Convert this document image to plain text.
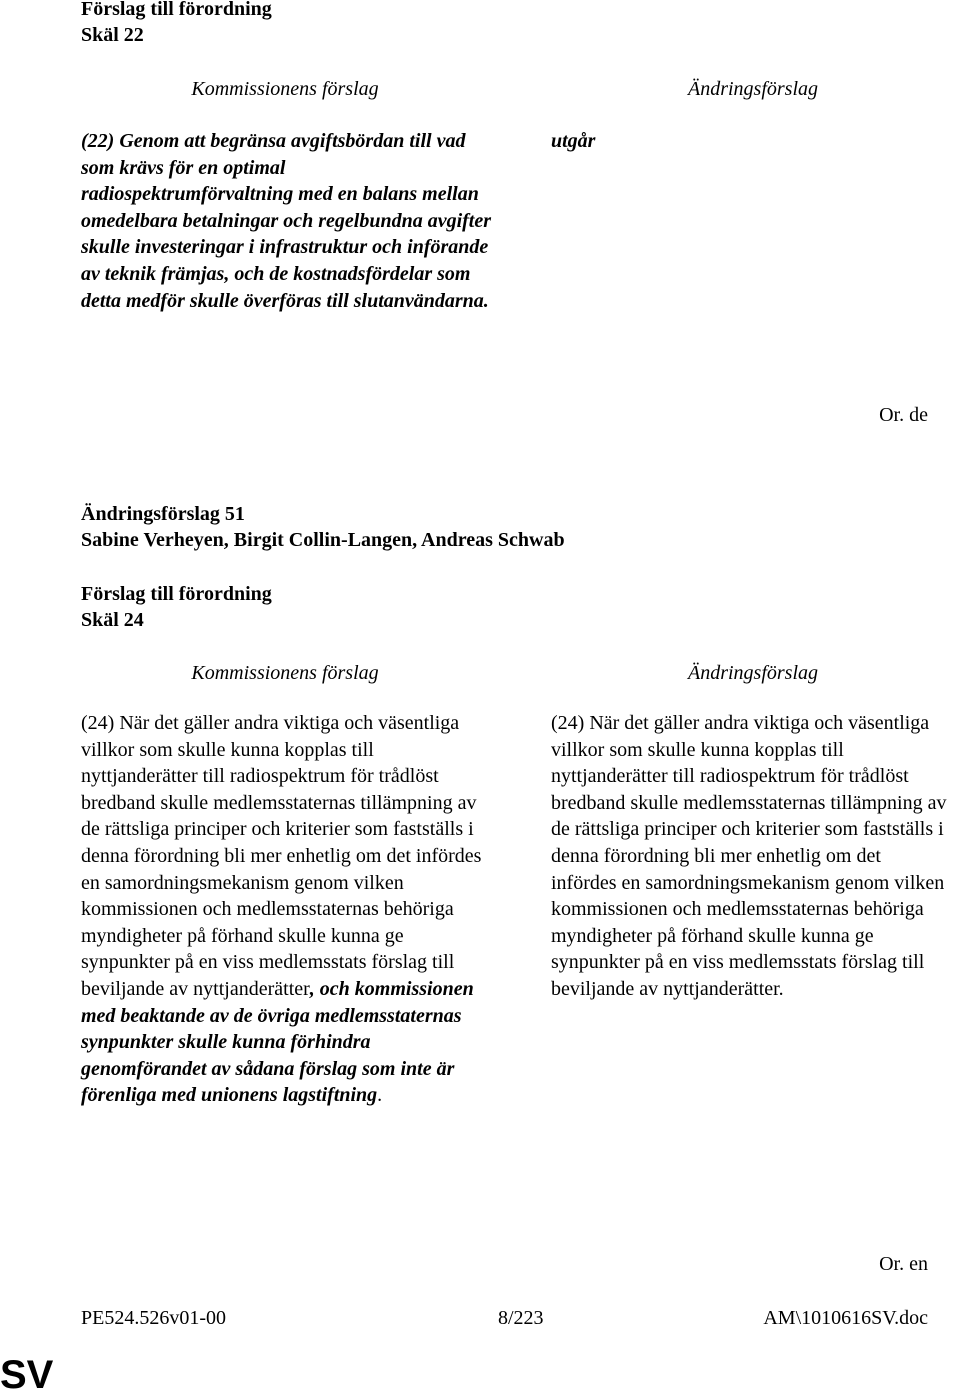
Förslag till förordning
Skäl 22
Kommissionens förslag	Ändringsförslag
(22) Genom att begränsa avgiftsbördan till vad som krävs för en optimal radiospektrumförvaltning med en balans mellan omedelbara betalningar och regelbundna avgifter skulle investeringar i infrastruktur och införande av teknik främjas, och de kostnadsfördelar som detta medför skulle överföras till slutanvändarna.
utgår
Or. de
Ändringsförslag 51
Sabine Verheyen, Birgit Collin-Langen, Andreas Schwab
Förslag till förordning
Skäl 24
Kommissionens förslag	Ändringsförslag
(24) När det gäller andra viktiga och väsentliga villkor som skulle kunna kopplas till nyttjanderätter till radiospektrum för trådlöst bredband skulle medlemsstaternas tillämpning av de rättsliga principer och kriterier som fastställs i denna förordning bli mer enhetlig om det infördes en samordningsmekanism genom vilken kommissionen och medlemsstaternas behöriga myndigheter på förhand skulle kunna ge synpunkter på en viss medlemsstats förslag till beviljande av nyttjanderätter, och kommissionen med beaktande av de övriga medlemsstaternas synpunkter skulle kunna förhindra genomförandet av sådana förslag som inte är förenliga med unionens lagstiftning.
(24) När det gäller andra viktiga och väsentliga villkor som skulle kunna kopplas till nyttjanderätter till radiospektrum för trådlöst bredband skulle medlemsstaternas tillämpning av de rättsliga principer och kriterier som fastställs i denna förordning bli mer enhetlig om det infördes en samordningsmekanism genom vilken kommissionen och medlemsstaternas behöriga myndigheter på förhand skulle kunna ge synpunkter på en viss medlemsstats förslag till beviljande av nyttjanderätter.
Or. en
PE524.526v01-00	8/223	AM\1010616SV.doc
SV
